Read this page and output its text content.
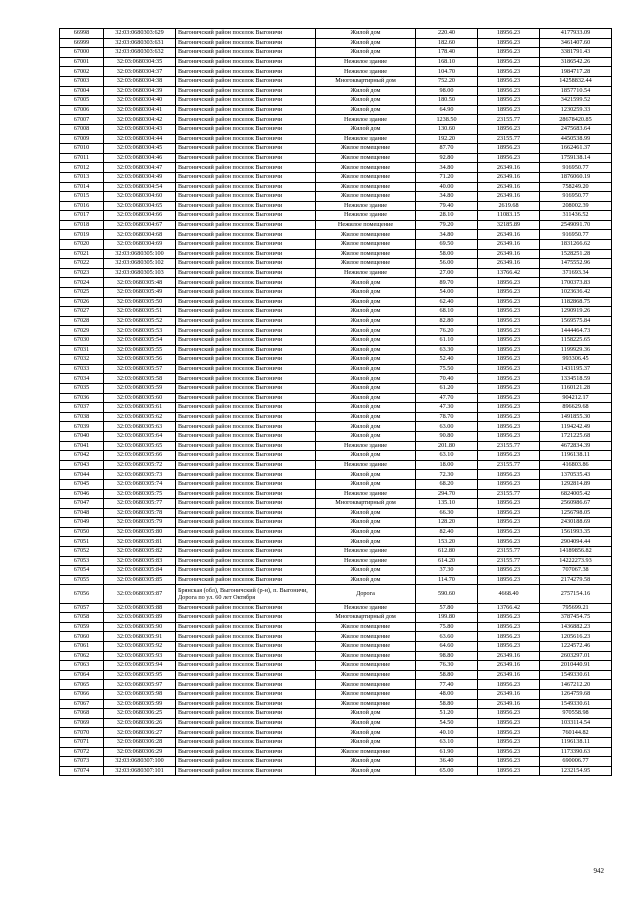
66998	32:03:0680303:629	Выгоничский район поселок Выгоничи	Жилой дом	220.40	18956.23	4177933.09
66999	32:03:0680303:631	Выгоничский район поселок Выгоничи	Жилой дом	182.60	18956.23	3461407.60
67000	32:03:0680303:632	Выгоничский район поселок Выгоничи	Жилой дом	178.40	18956.23	3381791.43
67001	32:03:0680304:35	Выгоничский район поселок Выгоничи	Нежилое здание	168.10	18956.23	3186542.26
67002	32:03:0680304:37	Выгоничский район поселок Выгоничи	Нежилое здание	104.70	18956.23	1984717.28
67003	32:03:0680304:38	Выгоничский район поселок Выгоничи	Многоквартирный дом	752.20	18956.23	14258832.44
67004	32:03:0680304:39	Выгоничский район поселок Выгоничи	Жилой дом	98.00	18956.23	1857710.54
67005	32:03:0680304:40	Выгоничский район поселок Выгоничи	Жилой дом	180.50	18956.23	3421599.52
67006	32:03:0680304:41	Выгоничский район поселок Выгоничи	Жилой дом	64.90	18956.23	1230259.33
67007	32:03:0680304:42	Выгоничский район поселок Выгоничи	Нежилое здание	1238.50	23155.77	28678420.85
67008	32:03:0680304:43	Выгоничский район поселок Выгоничи	Жилой дом	130.60	18956.23	2475683.64
67009	32:03:0680304:44	Выгоничский район поселок Выгоничи	Нежилое здание	192.20	23155.77	4450538.99
67010	32:03:0680304:45	Выгоничский район поселок Выгоничи	Жилое помещение	87.70	18956.23	1662461.37
67011	32:03:0680304:46	Выгоничский район поселок Выгоничи	Жилое помещение	92.80	18956.23	1759138.14
67012	32:03:0680304:47	Выгоничский район поселок Выгоничи	Жилое помещение	34.80	26349.16	916950.77
67013	32:03:0680304:49	Выгоничский район поселок Выгоничи	Жилое помещение	71.20	26349.16	1876060.19
67014	32:03:0680304:54	Выгоничский район поселок Выгоничи	Жилое помещение	40.00	26349.16	758249.20
67015	32:03:0680304:60	Выгоничский район поселок Выгоничи	Жилое помещение	34.80	26349.16	916950.77
67016	32:03:0680304:65	Выгоничский район поселок Выгоничи	Нежилое здание	79.40	2619.68	208002.39
67017	32:03:0680304:66	Выгоничский район поселок Выгоничи	Нежилое здание	28.10	11083.15	311436.52
67018	32:03:0680304:67	Выгоничский район поселок Выгоничи	Нежилое помещение	79.20	32185.89	2549091.70
67019	32:03:0680304:68	Выгоничский район поселок Выгоничи	Жилое помещение	34.80	26349.16	916950.77
67020	32:03:0680304:69	Выгоничский район поселок Выгоничи	Жилое помещение	69.50	26349.16	1831266.62
67021	32:03:0680305:100	Выгоничский район поселок Выгоничи	Жилое помещение	58.00	26349.16	1528251.28
67022	32:03:0680305:102	Выгоничский район поселок Выгоничи	Жилое помещение	56.00	26349.16	1475552.96
67023	32:03:0680305:103	Выгоничский район поселок Выгоничи	Нежилое здание	27.00	13766.42	371693.34
67024	32:03:0680305:48	Выгоничский район поселок Выгоничи	Жилой дом	89.70	18956.23	1700373.83
67025	32:03:0680305:49	Выгоничский район поселок Выгоничи	Жилой дом	54.00	18956.23	1023636.42
67026	32:03:0680305:50	Выгоничский район поселок Выгоничи	Жилой дом	62.40	18956.23	1182868.75
67027	32:03:0680305:51	Выгоничский район поселок Выгоничи	Жилой дом	68.10	18956.23	1290919.26
67028	32:03:0680305:52	Выгоничский район поселок Выгоничи	Жилой дом	82.80	18956.23	1569575.84
67029	32:03:0680305:53	Выгоничский район поселок Выгоничи	Жилой дом	76.20	18956.23	1444464.73
67030	32:03:0680305:54	Выгоничский район поселок Выгоничи	Жилой дом	61.10	18956.23	1158225.65
67031	32:03:0680305:55	Выгоничский район поселок Выгоничи	Жилой дом	63.30	18956.23	1199929.36
67032	32:03:0680305:56	Выгоничский район поселок Выгоничи	Жилой дом	52.40	18956.23	993306.45
67033	32:03:0680305:57	Выгоничский район поселок Выгоничи	Жилой дом	75.50	18956.23	1431195.37
67034	32:03:0680305:58	Выгоничский район поселок Выгоничи	Жилой дом	70.40	18956.23	1334518.59
67035	32:03:0680305:59	Выгоничский район поселок Выгоничи	Жилой дом	61.20	18956.23	1160121.28
67036	32:03:0680305:60	Выгоничский район поселок Выгоничи	Жилой дом	47.70	18956.23	904212.17
67037	32:03:0680305:61	Выгоничский район поселок Выгоничи	Жилой дом	47.30	18956.23	896629.68
67038	32:03:0680305:62	Выгоничский район поселок Выгоничи	Жилой дом	78.70	18956.23	1491855.30
67039	32:03:0680305:63	Выгоничский район поселок Выгоничи	Жилой дом	63.00	18956.23	1194242.49
67040	32:03:0680305:64	Выгоничский район поселок Выгоничи	Жилой дом	90.80	18956.23	1721225.68
67041	32:03:0680305:65	Выгоничский район поселок Выгоничи	Нежилое здание	201.80	23155.77	4672834.39
67042	32:03:0680305:66	Выгоничский район поселок Выгоничи	Жилой дом	63.10	18956.23	1196138.11
67043	32:03:0680305:72	Выгоничский район поселок Выгоничи	Нежилое здание	18.00	23155.77	416803.86
67044	32:03:0680305:73	Выгоничский район поселок Выгоничи	Жилой дом	72.30	18956.23	1370535.43
67045	32:03:0680305:74	Выгоничский район поселок Выгоничи	Жилой дом	68.20	18956.23	1292814.89
67046	32:03:0680305:75	Выгоничский район поселок Выгоничи	Нежилое здание	294.70	23155.77	6824005.42
67047	32:03:0680305:77	Выгоничский район поселок Выгоничи	Многоквартирный дом	135.10	18956.23	2560986.67
67048	32:03:0680305:78	Выгоничский район поселок Выгоничи	Жилой дом	66.30	18956.23	1256798.05
67049	32:03:0680305:79	Выгоничский район поселок Выгоничи	Жилой дом	128.20	18956.23	2430188.69
67050	32:03:0680305:80	Выгоничский район поселок Выгоничи	Жилой дом	82.40	18956.23	1561993.35
67051	32:03:0680305:81	Выгоничский район поселок Выгоничи	Жилой дом	153.20	18956.23	2904094.44
67052	32:03:0680305:82	Выгоничский район поселок Выгоничи	Нежилое здание	612.80	23155.77	14189856.82
67053	32:03:0680305:83	Выгоничский район поселок Выгоничи	Нежилое здание	614.20	23155.77	14222273.93
67054	32:03:0680305:84	Выгоничский район поселок Выгоничи	Жилой дом	37.30	18956.23	707067.38
67055	32:03:0680305:85	Выгоничский район поселок Выгоничи	Жилой дом	114.70	18956.23	2174279.58
67056	32:03:0680305:87	Брянская (обл), Выгоничский (р-н), п. Выгоничи, Дорога по ул. 60 лет Октября	Дорога	590.60	4668.40	2757154.16
67057	32:03:0680305:88	Выгоничский район поселок Выгоничи	Нежилое здание	57.80	13766.42	795699.21
67058	32:03:0680305:89	Выгоничский район поселок Выгоничи	Многоквартирный дом	199.80	18956.23	3787454.75
67059	32:03:0680305:90	Выгоничский район поселок Выгоничи	Жилое помещение	75.80	18956.23	1436882.23
67060	32:03:0680305:91	Выгоничский район поселок Выгоничи	Жилое помещение	63.60	18956.23	1205616.23
67061	32:03:0680305:92	Выгоничский район поселок Выгоничи	Жилое помещение	64.60	18956.23	1224572.46
67062	32:03:0680305:93	Выгоничский район поселок Выгоничи	Жилое помещение	98.80	26349.16	2603297.01
67063	32:03:0680305:94	Выгоничский район поселок Выгоничи	Жилое помещение	76.30	26349.16	2010440.91
67064	32:03:0680305:95	Выгоничский район поселок Выгоничи	Жилое помещение	58.80	26349.16	1549330.61
67065	32:03:0680305:97	Выгоничский район поселок Выгоничи	Жилое помещение	77.40	18956.23	1467212.20
67066	32:03:0680305:98	Выгоничский район поселок Выгоничи	Жилое помещение	48.00	26349.16	1264759.68
67067	32:03:0680305:99	Выгоничский район поселок Выгоничи	Жилое помещение	58.80	26349.16	1549330.61
67068	32:03:0680306:25	Выгоничский район поселок Выгоничи	Жилой дом	51.20	18956.23	970558.98
67069	32:03:0680306:26	Выгоничский район поселок Выгоничи	Жилой дом	54.50	18956.23	1033114.54
67070	32:03:0680306:27	Выгоничский район поселок Выгоничи	Жилой дом	40.10	18956.23	760144.82
67071	32:03:0680306:28	Выгоничский район поселок Выгоничи	Жилой дом	63.10	18956.23	1196138.11
67072	32:03:0680306:29	Выгоничский район поселок Выгоничи	Жилое помещение	61.90	18956.23	1173390.63
67073	32:03:0680307:100	Выгоничский район поселок Выгоничи	Жилой дом	36.40	18956.23	690006.77
67074	32:03:0680307:101	Выгоничский район поселок Выгоничи	Жилой дом	65.00	18956.23	1232154.95
942
